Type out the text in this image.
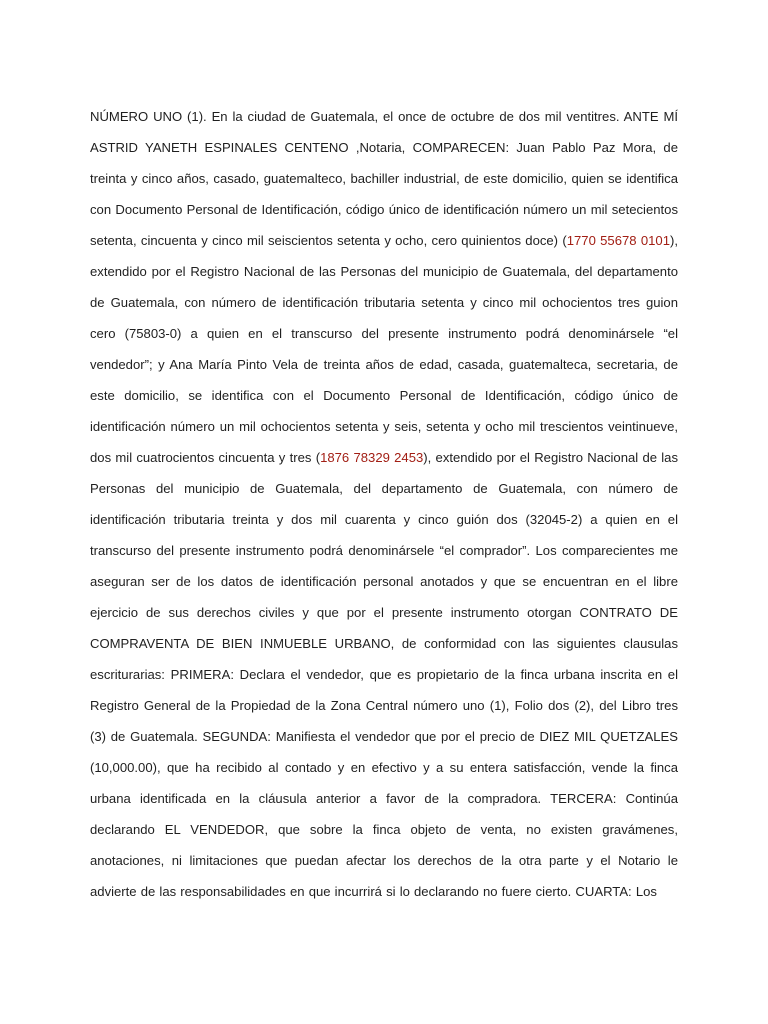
NÚMERO UNO (1). En la ciudad de Guatemala, el once de octubre de dos mil ventitres. ANTE MÍ ASTRID YANETH ESPINALES CENTENO ,Notaria, COMPARECEN: Juan Pablo Paz Mora, de treinta y cinco años, casado, guatemalteco, bachiller industrial, de este domicilio, quien se identifica con Documento Personal de Identificación, código único de identificación número un mil setecientos setenta, cincuenta y cinco mil seiscientos setenta y ocho, cero quinientos doce) (1770 55678 0101), extendido por el Registro Nacional de las Personas del municipio de Guatemala, del departamento de Guatemala, con número de identificación tributaria setenta y cinco mil ochocientos tres guion cero (75803-0) a quien en el transcurso del presente instrumento podrá denominársele “el vendedor”; y Ana María Pinto Vela de treinta años de edad, casada, guatemalteca, secretaria, de este domicilio, se identifica con el Documento Personal de Identificación, código único de identificación número un mil ochocientos setenta y seis, setenta y ocho mil trescientos veintinueve, dos mil cuatrocientos cincuenta y tres (1876 78329 2453), extendido por el Registro Nacional de las Personas del municipio de Guatemala, del departamento de Guatemala, con número de identificación tributaria treinta y dos mil cuarenta y cinco guión dos (32045-2) a quien en el transcurso del presente instrumento podrá denominársele “el comprador”. Los comparecientes me aseguran ser de los datos de identificación personal anotados y que se encuentran en el libre ejercicio de sus derechos civiles y que por el presente instrumento otorgan CONTRATO DE COMPRAVENTA DE BIEN INMUEBLE URBANO, de conformidad con las siguientes clausulas escriturarias: PRIMERA: Declara el vendedor, que es propietario de la finca urbana inscrita en el Registro General de la Propiedad de la Zona Central número uno (1), Folio dos (2), del Libro tres (3) de Guatemala. SEGUNDA: Manifiesta el vendedor que por el precio de DIEZ MIL QUETZALES (10,000.00), que ha recibido al contado y en efectivo y a su entera satisfacción, vende la finca urbana identificada en la cláusula anterior a favor de la compradora. TERCERA: Continúa declarando EL VENDEDOR, que sobre la finca objeto de venta, no existen gravámenes, anotaciones, ni limitaciones que puedan afectar los derechos de la otra parte y el Notario le advierte de las responsabilidades en que incurrirá si lo declarando no fuere cierto. CUARTA: Los
